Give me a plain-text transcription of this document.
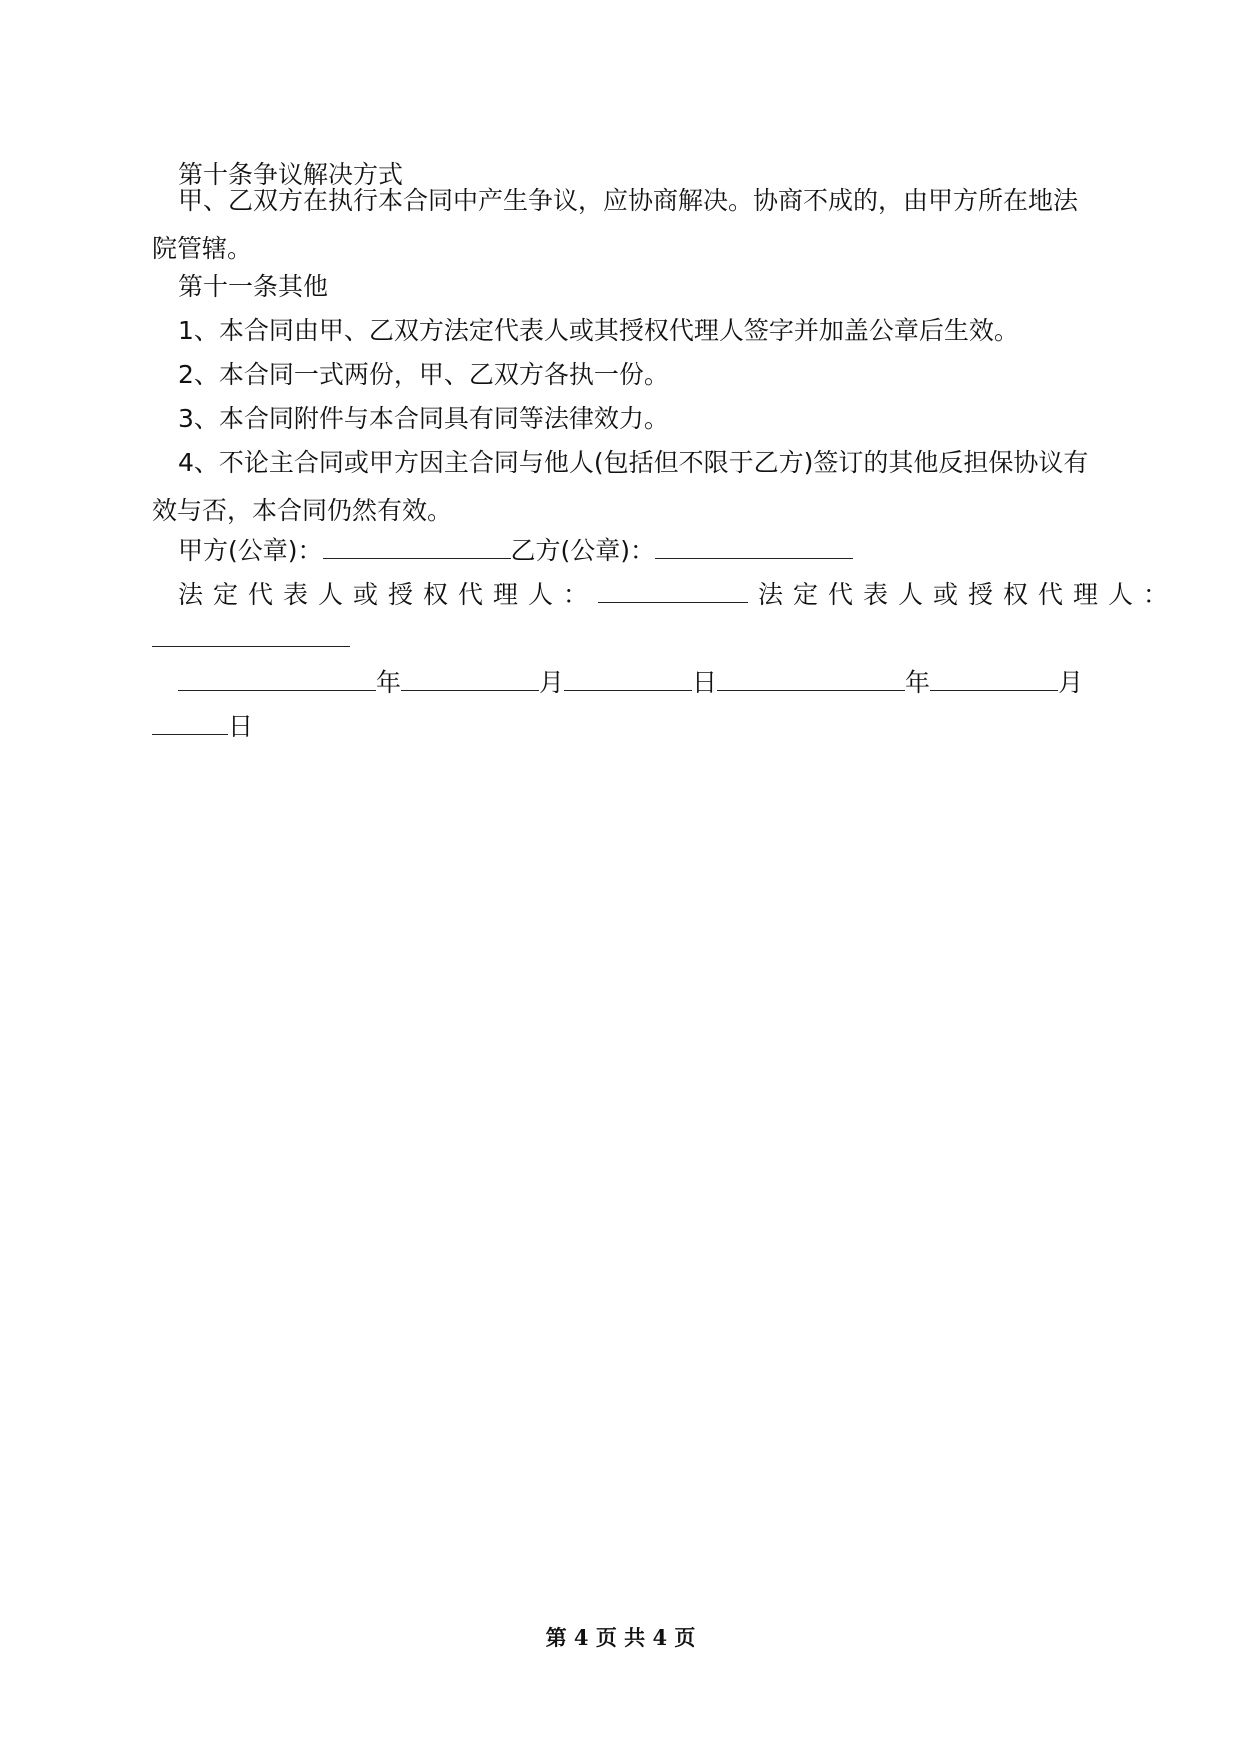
第十条争议解决方式
甲、乙双方在执行本合同中产生争议，应协商解决。协商不成的，由甲方所在地法院管辖。
第十一条其他
1、本合同由甲、乙双方法定代表人或其授权代理人签字并加盖公章后生效。
2、本合同一式两份，甲、乙双方各执一份。
3、本合同附件与本合同具有同等法律效力。
4、不论主合同或甲方因主合同与他人(包括但不限于乙方)签订的其他反担保协议有效与否，本合同仍然有效。
甲方(公章)：	乙方(公章)：
法定代表人或授权代理人：	法定代表人或授权代理人：
年	月	日	年	月
日
第 4 页 共 4 页
